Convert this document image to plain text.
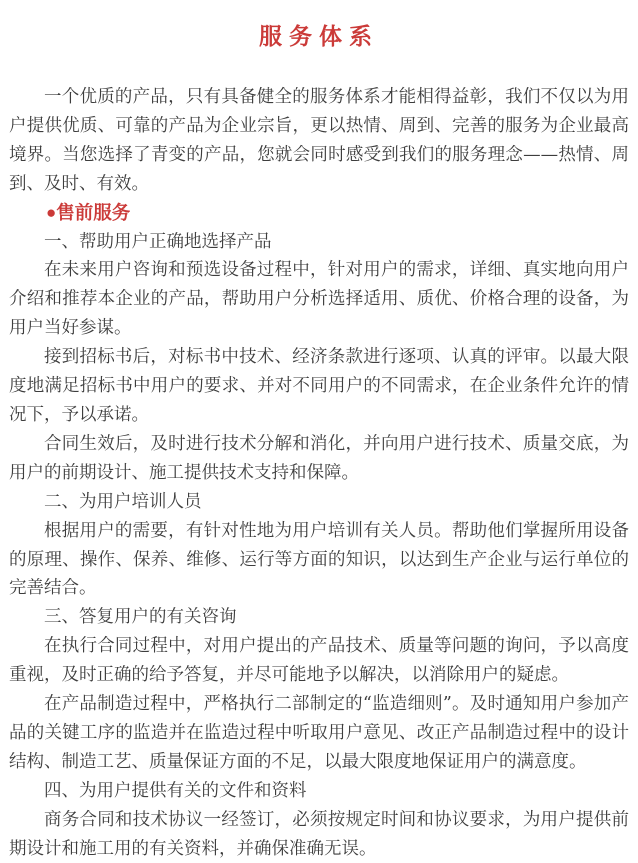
服务体系

一个优质的产品，只有具备健全的服务体系才能相得益彰，我们不仅以为用户提供优质、可靠的产品为企业宗旨，更以热情、周到、完善的服务为企业最高境界。当您选择了青变的产品，您就会同时感受到我们的服务理念——热情、周到、及时、有效。

●售前服务

一、帮助用户正确地选择产品

在未来用户咨询和预选设备过程中，针对用户的需求，详细、真实地向用户介绍和推荐本企业的产品，帮助用户分析选择适用、质优、价格合理的设备，为用户当好参谋。

接到招标书后，对标书中技术、经济条款进行逐项、认真的评审。以最大限度地满足招标书中用户的要求、并对不同用户的不同需求，在企业条件允许的情况下，予以承诺。

合同生效后，及时进行技术分解和消化，并向用户进行技术、质量交底，为用户的前期设计、施工提供技术支持和保障。

二、为用户培训人员

根据用户的需要，有针对性地为用户培训有关人员。帮助他们掌握所用设备的原理、操作、保养、维修、运行等方面的知识，以达到生产企业与运行单位的完善结合。

三、答复用户的有关咨询

在执行合同过程中，对用户提出的产品技术、质量等问题的询问，予以高度重视，及时正确的给予答复，并尽可能地予以解决，以消除用户的疑虑。

在产品制造过程中，严格执行二部制定的“监造细则”。及时通知用户参加产品的关键工序的监造并在监造过程中听取用户意见、改正产品制造过程中的设计结构、制造工艺、质量保证方面的不足，以最大限度地保证用户的满意度。

四、为用户提供有关的文件和资料

商务合同和技术协议一经签订，必须按规定时间和协议要求，为用户提供前期设计和施工用的有关资料，并确保准确无误。
